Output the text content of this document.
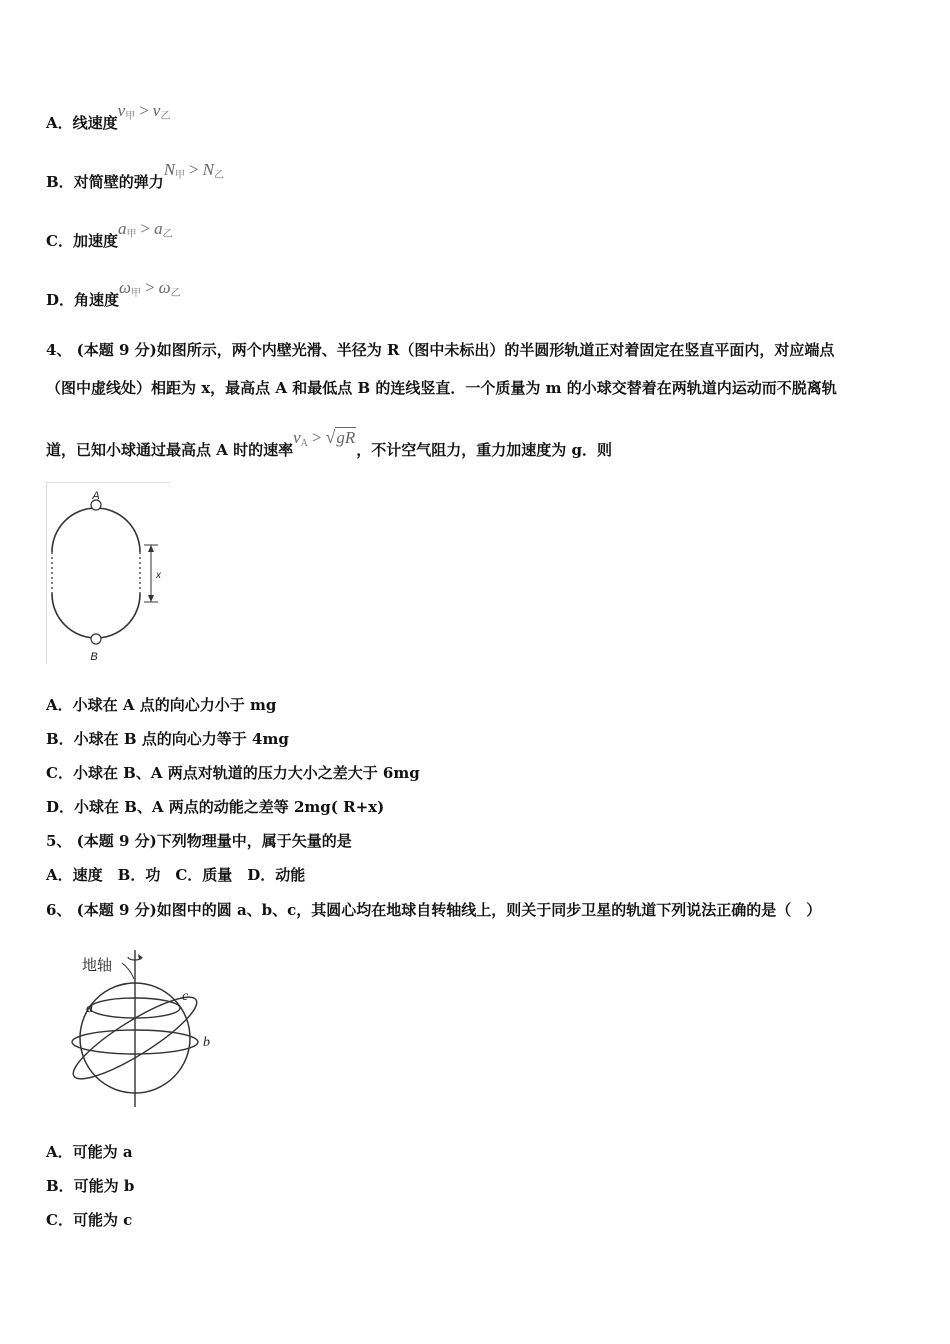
A．线速度$v_甲 > v_乙$
B．对简壁的弹力$N_甲 > N_乙$
C．加速度$a_甲 > a_乙$
D．角速度$\omega_甲 > \omega_乙$
4、 (本题 9 分)如图所示，两个内壁光滑、半径为 R（图中未标出）的半圆形轨道正对着固定在竖直平面内，对应端点
（图中虚线处）相距为 x，最高点 A 和最低点 B 的连线竖直．一个质量为 m 的小球交替着在两轨道内运动而不脱离轨
道，已知小球通过最高点 A 时的速率$v_A > √gR$，不计空气阻力，重力加速度为 g．则
A
B
x
A．小球在 A 点的向心力小于 mg
B．小球在 B 点的向心力等于 4mg
C．小球在 B、A 两点对轨道的压力大小之差大于 6mg
D．小球在 B、A 两点的动能之差等 2mg( R+x)
5、 (本题 9 分)下列物理量中，属于矢量的是
A．速度　B．功　C．质量　D．动能
6、 (本题 9 分)如图中的圆 a、b、c，其圆心均在地球自转轴线上，则关于同步卫星的轨道下列说法正确的是（　）
地轴
a
b
c
A．可能为 a
B．可能为 b
C．可能为 c
